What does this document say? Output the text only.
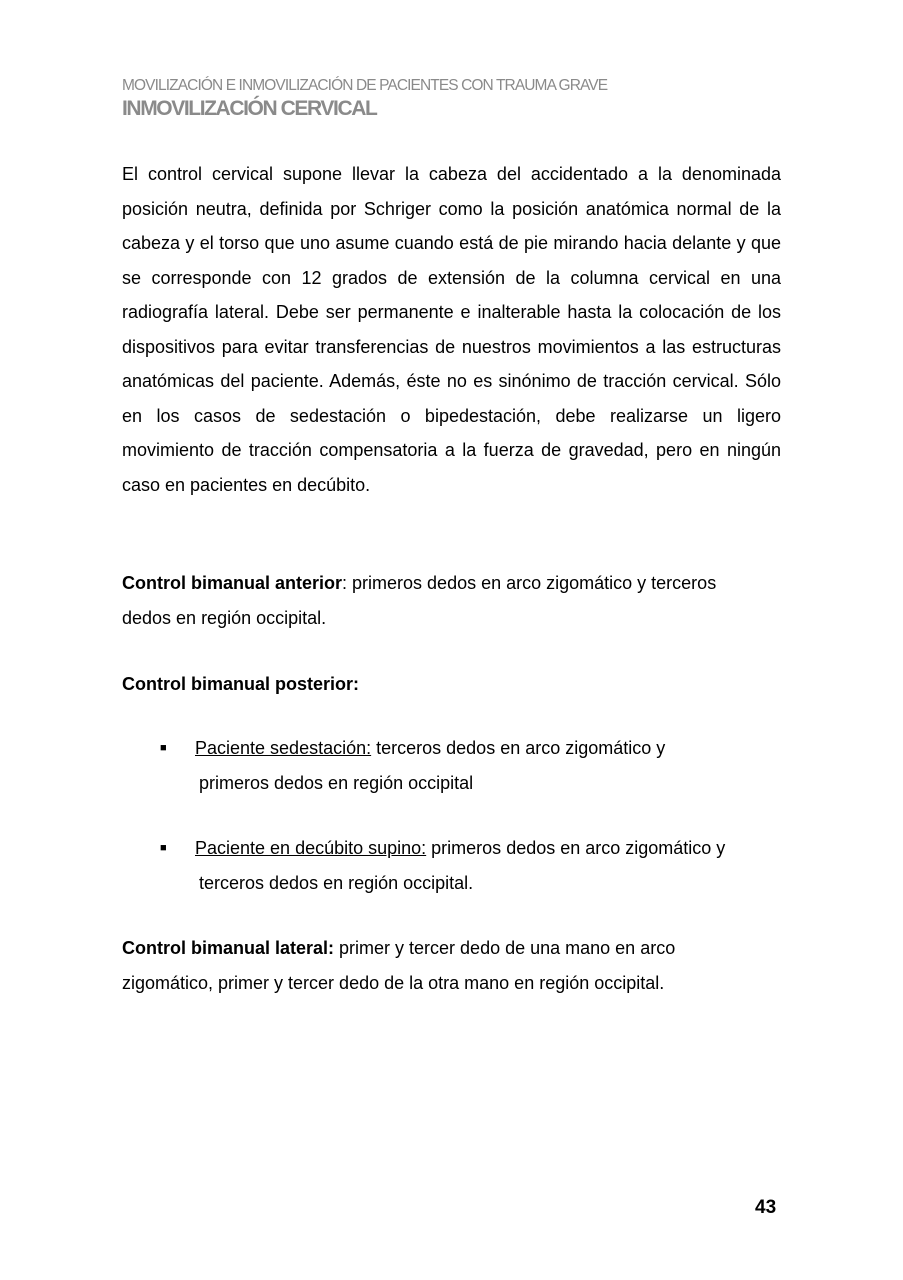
MOVILIZACIÓN E INMOVILIZACIÓN DE PACIENTES CON TRAUMA GRAVE
INMOVILIZACIÓN CERVICAL

El control cervical supone llevar la cabeza del accidentado a la denominada posición neutra, definida por Schriger como la posición anatómica normal de la cabeza y el torso que uno asume cuando está de pie mirando hacia delante y que se corresponde con 12 grados de extensión de la columna cervical en una radiografía lateral. Debe ser permanente e inalterable hasta la colocación de los dispositivos para evitar transferencias de nuestros movimientos a las estructuras anatómicas del paciente. Además, éste no es sinónimo de tracción cervical. Sólo en los casos de sedestación o bipedestación, debe realizarse un ligero movimiento de tracción compensatoria a la fuerza de gravedad, pero en ningún caso en pacientes en decúbito.

Control bimanual anterior: primeros dedos en arco zigomático y terceros
dedos en región occipital.
Control bimanual posterior:
■ Paciente sedestación: terceros dedos en arco zigomático y
primeros dedos en región occipital
■ Paciente en decúbito supino: primeros dedos en arco zigomático y
terceros dedos en región occipital.
Control bimanual lateral: primer y tercer dedo de una mano en arco
zigomático, primer y tercer dedo de la otra mano en región occipital.
43
